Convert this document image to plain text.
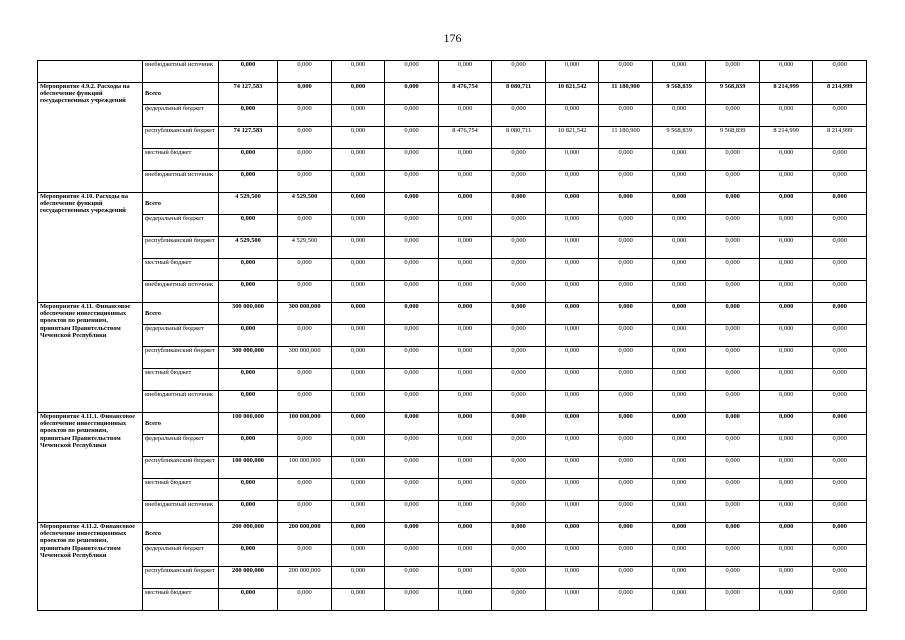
176
	внебюджетный источник	0,000	0,000	0,000	0,000	0,000	0,000	0,000	0,000	0,000	0,000	0,000	0,000
Мероприятие 4.9.2. Расходы на обеспечение функций государственных учреждений	Всего	74 127,583	0,000	0,000	0,000	8 476,754	8 080,711	10 821,542	11 180,900	9 568,839	9 568,839	8 214,999	8 214,999
	федеральный бюджет	0,000	0,000	0,000	0,000	0,000	0,000	0,000	0,000	0,000	0,000	0,000	0,000
	республиканский бюджет	74 127,583	0,000	0,000	0,000	8 476,754	8 080,711	10 821,542	11 180,900	9 568,839	9 568,839	8 214,999	8 214,999
	местный бюджет	0,000	0,000	0,000	0,000	0,000	0,000	0,000	0,000	0,000	0,000	0,000	0,000
	внебюджетный источник	0,000	0,000	0,000	0,000	0,000	0,000	0,000	0,000	0,000	0,000	0,000	0,000
Мероприятие 4.10. Расходы на обеспечение функций государственных учреждений	Всего	4 529,500	4 529,500	0,000	0,000	0,000	0,000	0,000	0,000	0,000	0,000	0,000	0,000
	федеральный бюджет	0,000	0,000	0,000	0,000	0,000	0,000	0,000	0,000	0,000	0,000	0,000	0,000
	республиканский бюджет	4 529,500	4 529,500	0,000	0,000	0,000	0,000	0,000	0,000	0,000	0,000	0,000	0,000
	местный бюджет	0,000	0,000	0,000	0,000	0,000	0,000	0,000	0,000	0,000	0,000	0,000	0,000
	внебюджетный источник	0,000	0,000	0,000	0,000	0,000	0,000	0,000	0,000	0,000	0,000	0,000	0,000
Мероприятие 4.11. Финансовое обеспечение инвестиционных проектов по решениям, принятым Правительством Чеченской Республики	Всего	300 000,000	300 000,000	0,000	0,000	0,000	0,000	0,000	0,000	0,000	0,000	0,000	0,000
	федеральный бюджет	0,000	0,000	0,000	0,000	0,000	0,000	0,000	0,000	0,000	0,000	0,000	0,000
	республиканский бюджет	300 000,000	300 000,000	0,000	0,000	0,000	0,000	0,000	0,000	0,000	0,000	0,000	0,000
	местный бюджет	0,000	0,000	0,000	0,000	0,000	0,000	0,000	0,000	0,000	0,000	0,000	0,000
	внебюджетный источник	0,000	0,000	0,000	0,000	0,000	0,000	0,000	0,000	0,000	0,000	0,000	0,000
Мероприятие 4.11.1. Финансовое обеспечение инвестиционных проектов по решениям, принятым Правительством Чеченской Республики	Всего	100 000,000	100 000,000	0,000	0,000	0,000	0,000	0,000	0,000	0,000	0,000	0,000	0,000
	федеральный бюджет	0,000	0,000	0,000	0,000	0,000	0,000	0,000	0,000	0,000	0,000	0,000	0,000
	республиканский бюджет	100 000,000	100 000,000	0,000	0,000	0,000	0,000	0,000	0,000	0,000	0,000	0,000	0,000
	местный бюджет	0,000	0,000	0,000	0,000	0,000	0,000	0,000	0,000	0,000	0,000	0,000	0,000
	внебюджетный источник	0,000	0,000	0,000	0,000	0,000	0,000	0,000	0,000	0,000	0,000	0,000	0,000
Мероприятие 4.11.2. Финансовое обеспечение инвестиционных проектов по решениям, принятым Правительством Чеченской Республики	Всего	200 000,000	200 000,000	0,000	0,000	0,000	0,000	0,000	0,000	0,000	0,000	0,000	0,000
	федеральный бюджет	0,000	0,000	0,000	0,000	0,000	0,000	0,000	0,000	0,000	0,000	0,000	0,000
	республиканский бюджет	200 000,000	200 000,000	0,000	0,000	0,000	0,000	0,000	0,000	0,000	0,000	0,000	0,000
	местный бюджет	0,000	0,000	0,000	0,000	0,000	0,000	0,000	0,000	0,000	0,000	0,000	0,000
